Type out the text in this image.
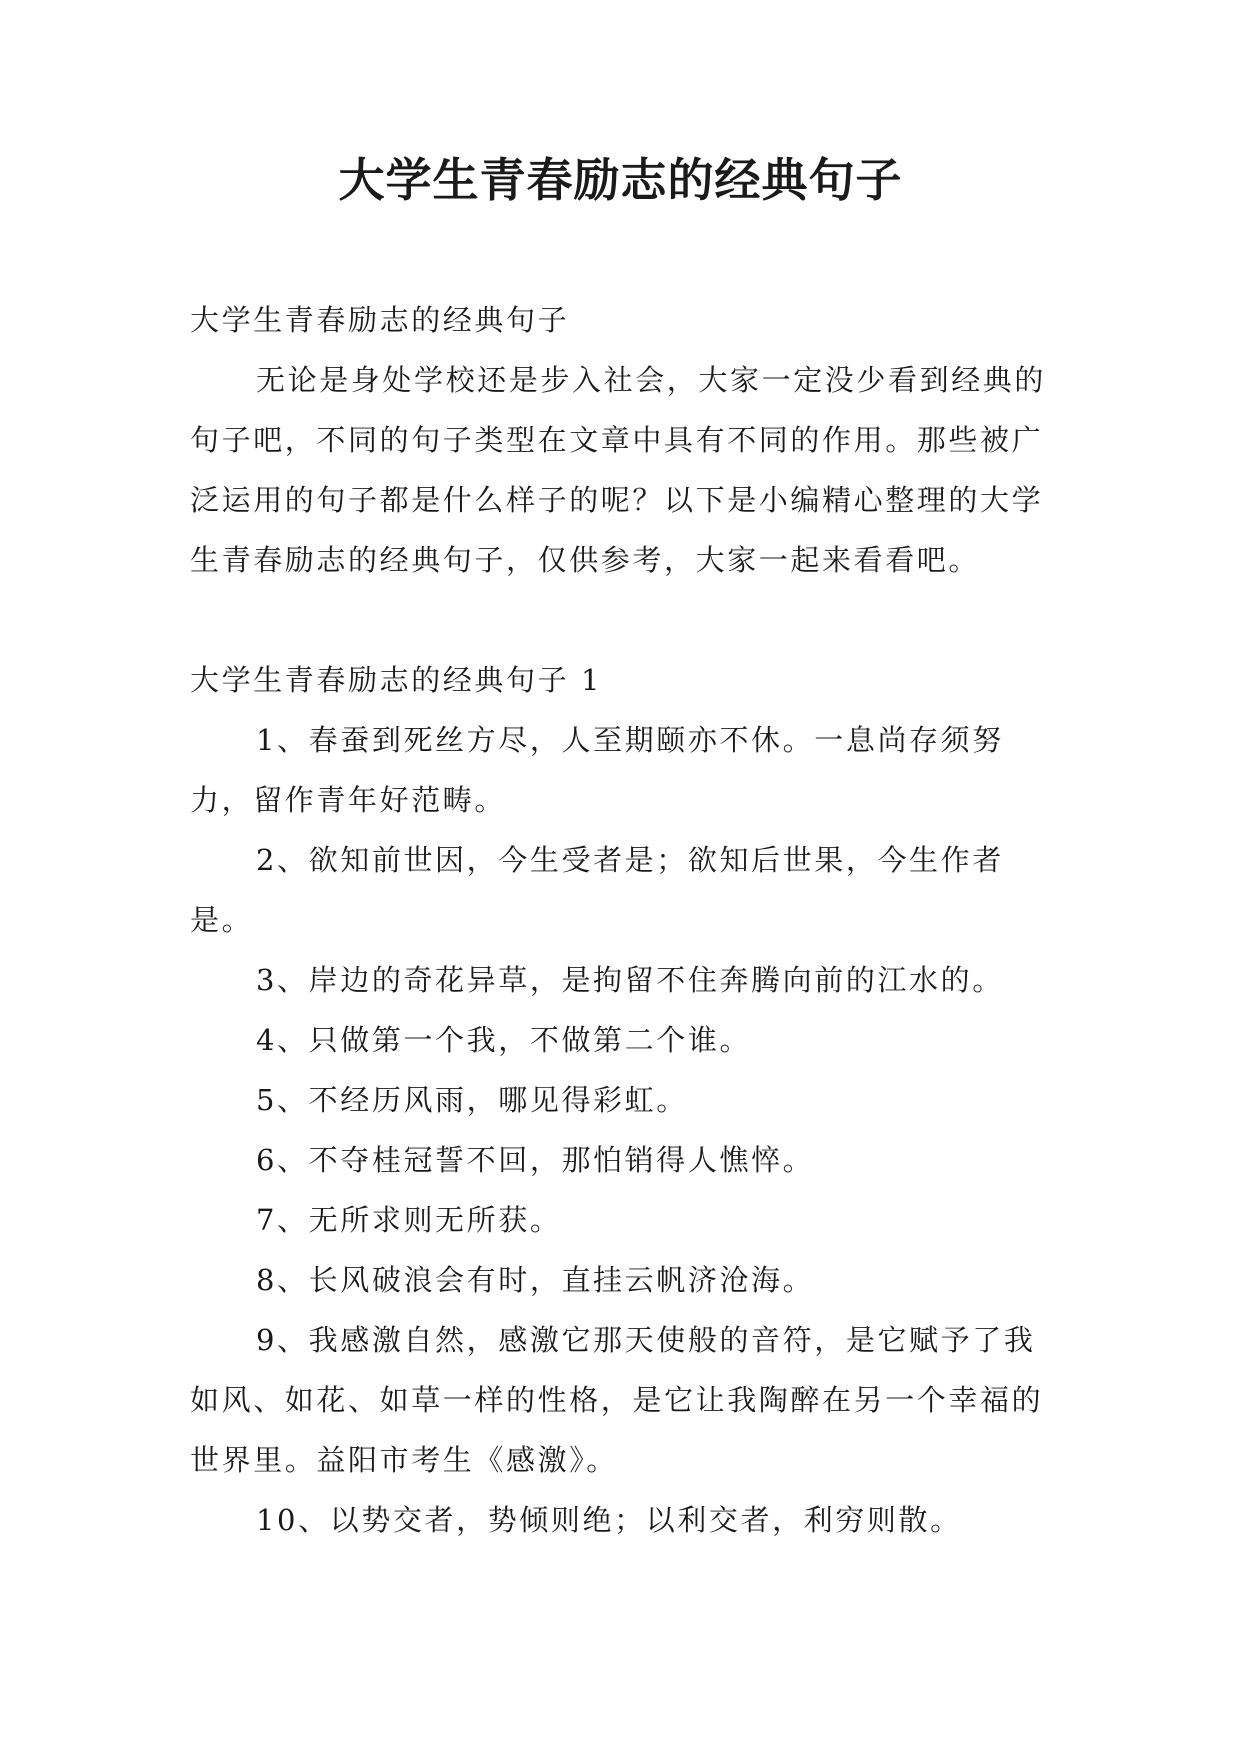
大学生青春励志的经典句子

大学生青春励志的经典句子

无论是身处学校还是步入社会，大家一定没少看到经典的句子吧，不同的句子类型在文章中具有不同的作用。那些被广泛运用的句子都是什么样子的呢？以下是小编精心整理的大学生青春励志的经典句子，仅供参考，大家一起来看看吧。

大学生青春励志的经典句子 1

1、春蚕到死丝方尽，人至期颐亦不休。一息尚存须努力，留作青年好范畴。

2、欲知前世因，今生受者是；欲知后世果，今生作者是。

3、岸边的奇花异草，是拘留不住奔腾向前的江水的。

4、只做第一个我，不做第二个谁。

5、不经历风雨，哪见得彩虹。

6、不夺桂冠誓不回，那怕销得人憔悴。

7、无所求则无所获。

8、长风破浪会有时，直挂云帆济沧海。

9、我感激自然，感激它那天使般的音符，是它赋予了我如风、如花、如草一样的性格，是它让我陶醉在另一个幸福的世界里。益阳市考生《感激》。

10、以势交者，势倾则绝；以利交者，利穷则散。
